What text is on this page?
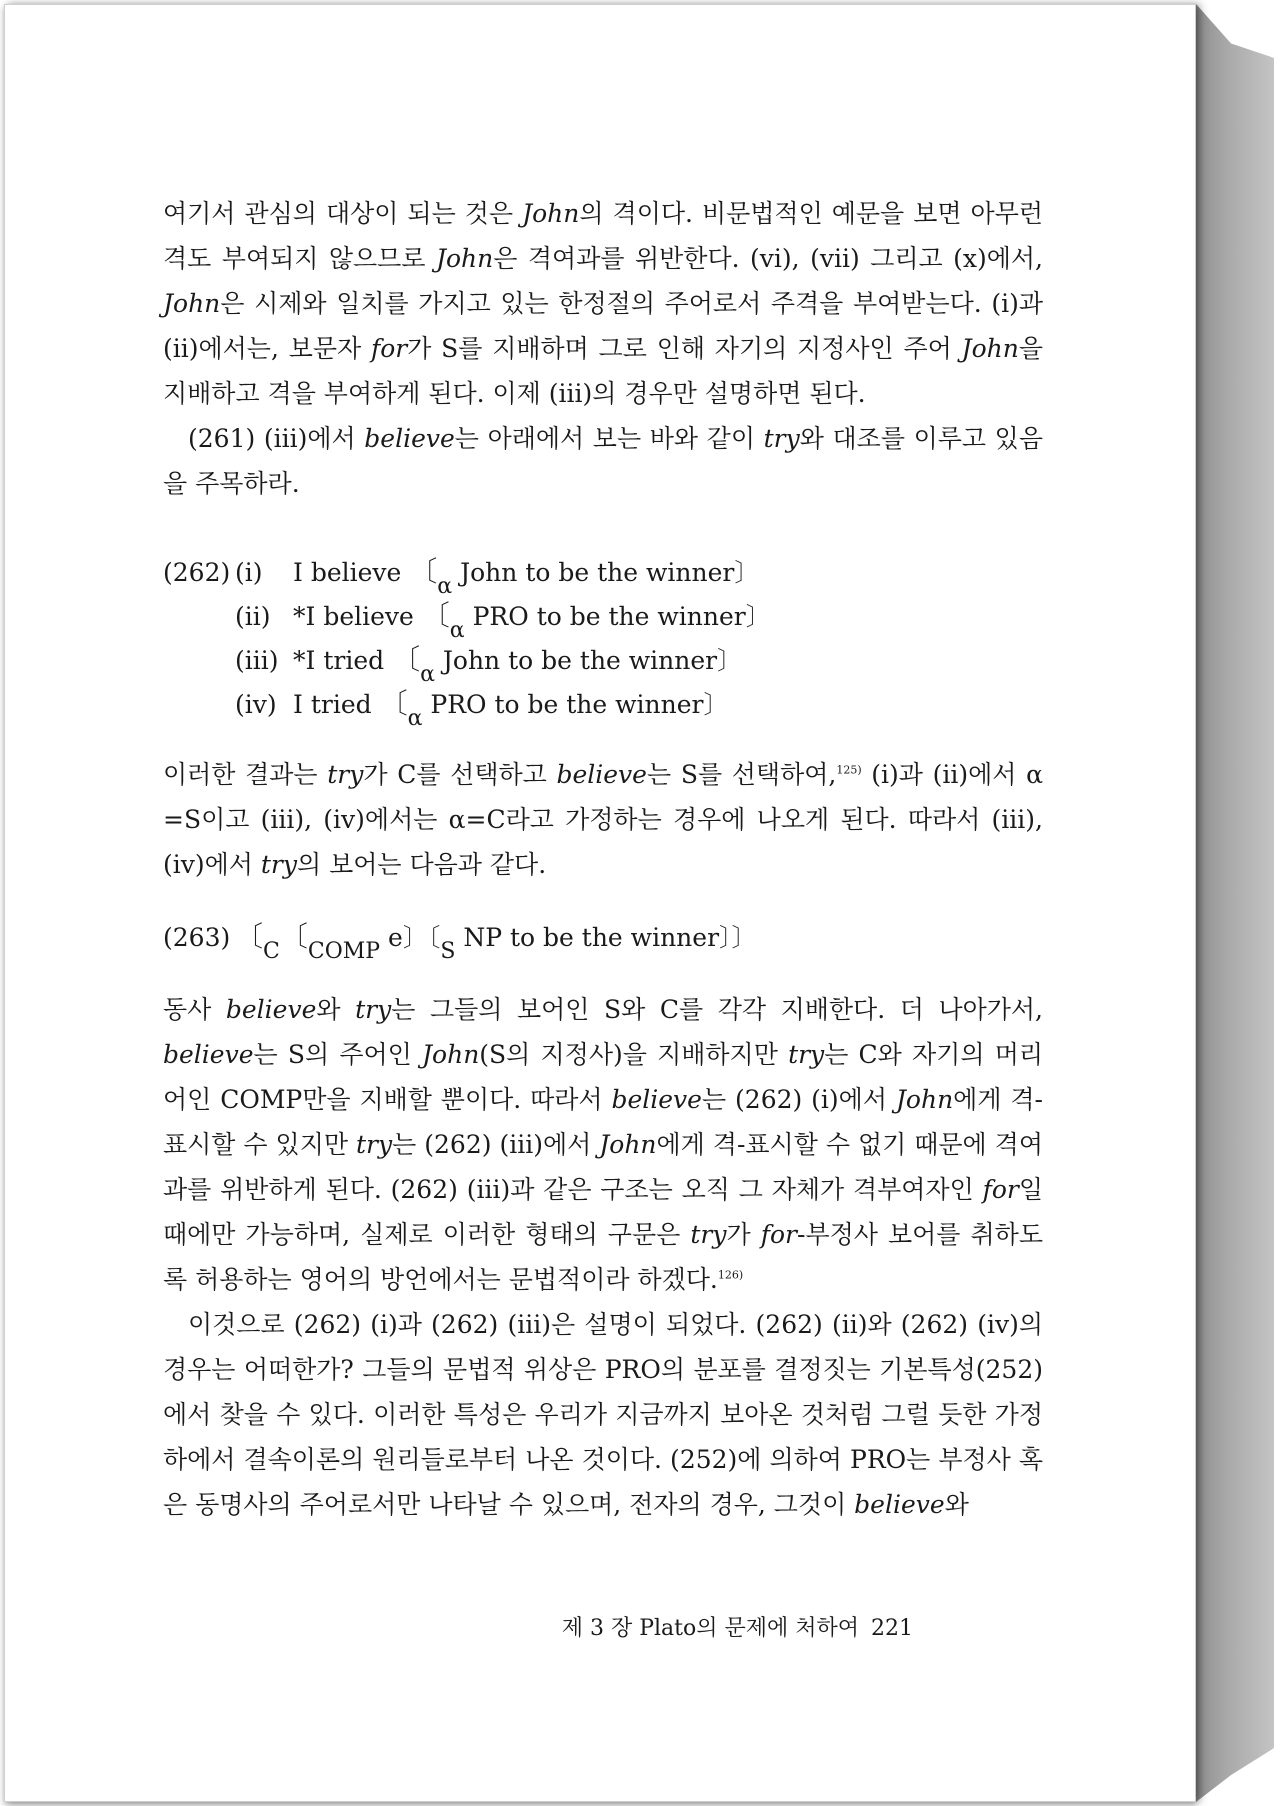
여기서 관심의 대상이 되는 것은 John의 격이다. 비문법적인 예문을 보면 아무런 격도 부여되지 않으므로 John은 격여과를 위반한다. (vi), (vii) 그리고 (x)에서, John은 시제와 일치를 가지고 있는 한정절의 주어로서 주격을 부여받는다. (i)과 (ii)에서는, 보문자 for가 S를 지배하며 그로 인해 자기의 지정사인 주어 John을 지배하고 격을 부여하게 된다. 이제 (iii)의 경우만 설명하면 된다.

(261) (iii)에서 believe는 아래에서 보는 바와 같이 try와 대조를 이루고 있음을 주목하라.

(262) (i) I believe 〔α John to be the winner〕
(ii) *I believe 〔α PRO to be the winner〕
(iii) *I tried 〔α John to be the winner〕
(iv) I tried 〔α PRO to be the winner〕

이러한 결과는 try가 C를 선택하고 believe는 S를 선택하여,$^{125)}$ (i)과 (ii)에서 α =S이고 (iii), (iv)에서는 α=C라고 가정하는 경우에 나오게 된다. 따라서 (iii), (iv)에서 try의 보어는 다음과 같다.

(263) 〔C〔COMP e〕〔S NP to be the winner〕〕

동사 believe와 try는 그들의 보어인 S와 C를 각각 지배한다. 더 나아가서, believe는 S의 주어인 John(S의 지정사)을 지배하지만 try는 C와 자기의 머리어인 COMP만을 지배할 뿐이다. 따라서 believe는 (262) (i)에서 John에게 격-표시할 수 있지만 try는 (262) (iii)에서 John에게 격-표시할 수 없기 때문에 격여과를 위반하게 된다. (262) (iii)과 같은 구조는 오직 그 자체가 격부여자인 for일 때에만 가능하며, 실제로 이러한 형태의 구문은 try가 for-부정사 보어를 취하도록 허용하는 영어의 방언에서는 문법적이라 하겠다.$^{126)}$

이것으로 (262) (i)과 (262) (iii)은 설명이 되었다. (262) (ii)와 (262) (iv)의 경우는 어떠한가? 그들의 문법적 위상은 PRO의 분포를 결정짓는 기본특성(252)에서 찾을 수 있다. 이러한 특성은 우리가 지금까지 보아온 것처럼 그럴 듯한 가정하에서 결속이론의 원리들로부터 나온 것이다. (252)에 의하여 PRO는 부정사 혹은 동명사의 주어로서만 나타날 수 있으며, 전자의 경우, 그것이 believe와

제 3 장 Plato의 문제에 처하여 221
